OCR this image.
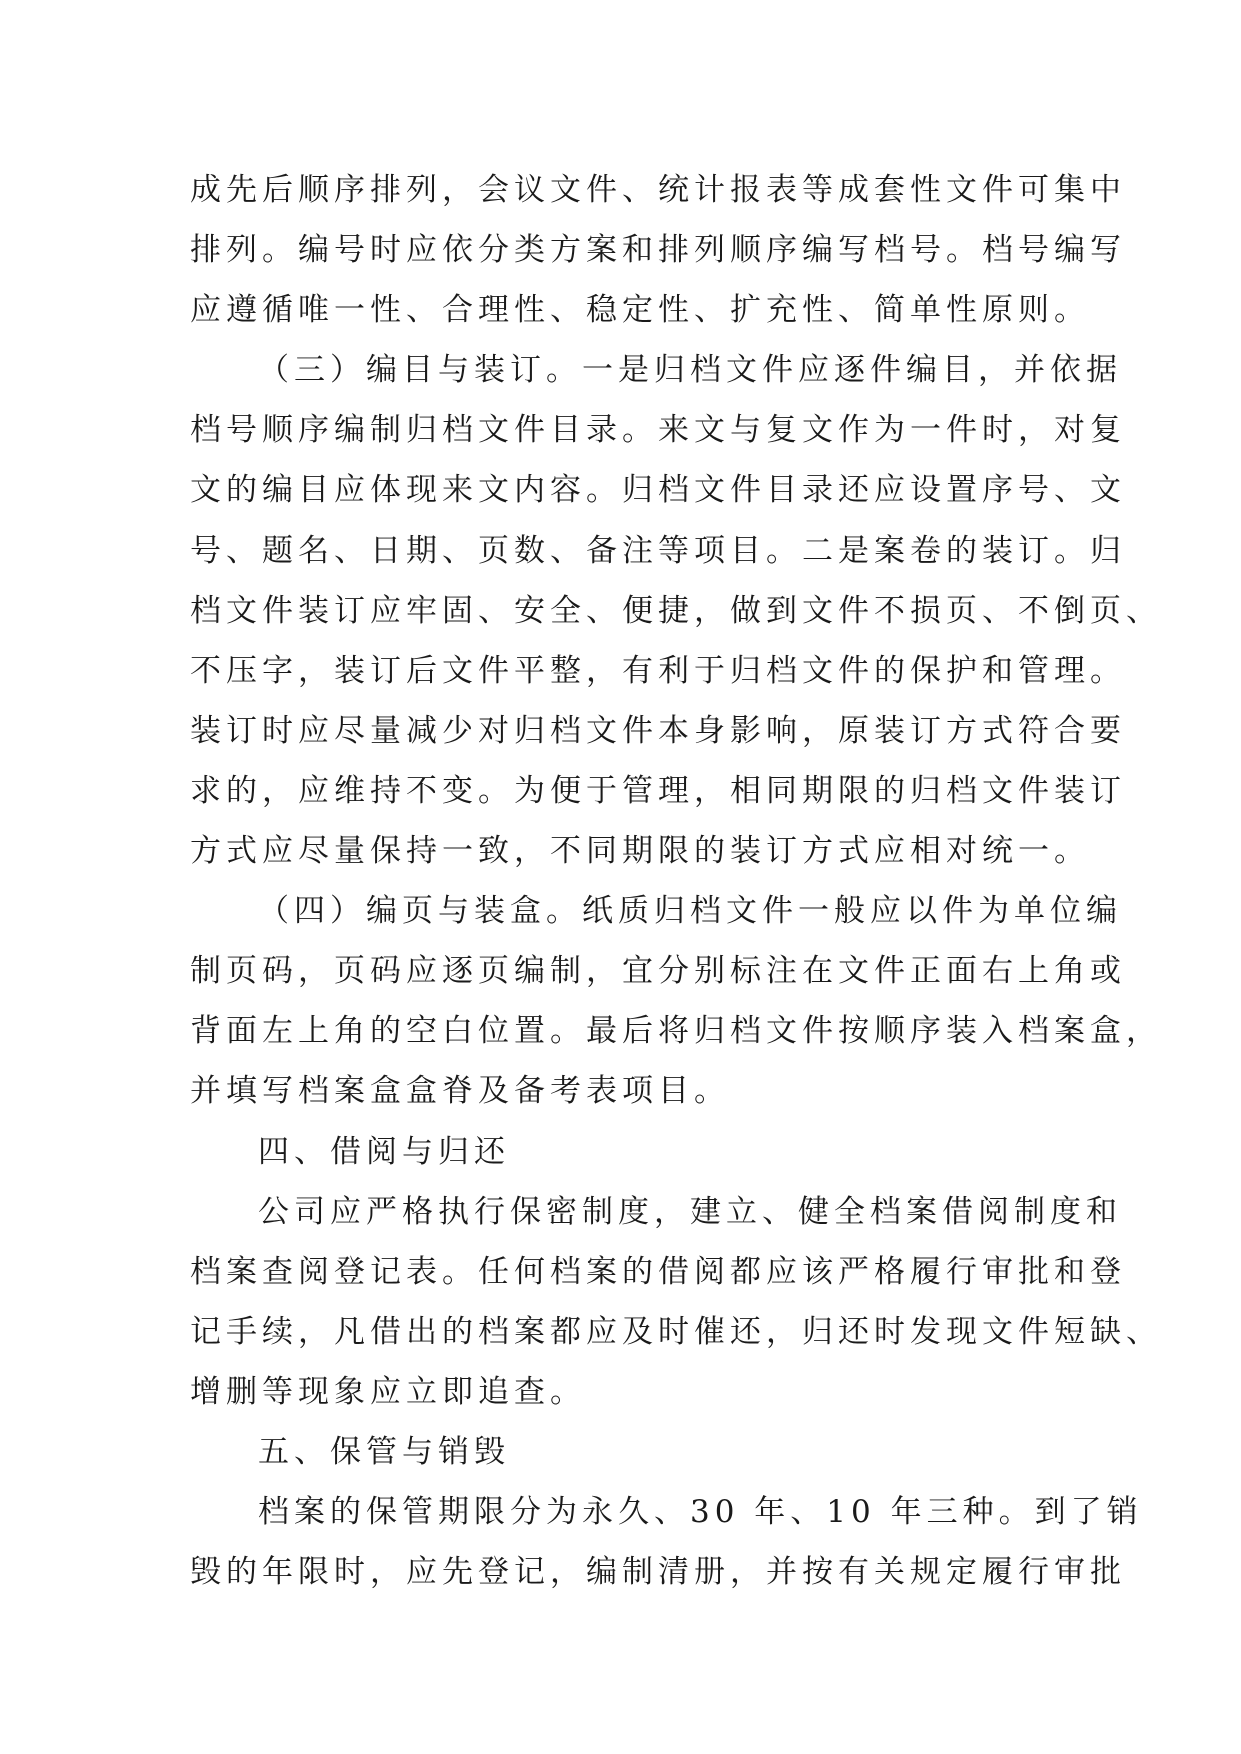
成先后顺序排列，会议文件、统计报表等成套性文件可集中
排列。编号时应依分类方案和排列顺序编写档号。档号编写
应遵循唯一性、合理性、稳定性、扩充性、简单性原则。
（三）编目与装订。一是归档文件应逐件编目，并依据
档号顺序编制归档文件目录。来文与复文作为一件时，对复
文的编目应体现来文内容。归档文件目录还应设置序号、文
号、题名、日期、页数、备注等项目。二是案卷的装订。归
档文件装订应牢固、安全、便捷，做到文件不损页、不倒页、
不压字，装订后文件平整，有利于归档文件的保护和管理。
装订时应尽量减少对归档文件本身影响，原装订方式符合要
求的，应维持不变。为便于管理，相同期限的归档文件装订
方式应尽量保持一致，不同期限的装订方式应相对统一。
（四）编页与装盒。纸质归档文件一般应以件为单位编
制页码，页码应逐页编制，宜分别标注在文件正面右上角或
背面左上角的空白位置。最后将归档文件按顺序装入档案盒，
并填写档案盒盒脊及备考表项目。
四、借阅与归还
公司应严格执行保密制度，建立、健全档案借阅制度和
档案查阅登记表。任何档案的借阅都应该严格履行审批和登
记手续，凡借出的档案都应及时催还，归还时发现文件短缺、
增删等现象应立即追查。
五、保管与销毁
档案的保管期限分为永久、30 年、10 年三种。到了销
毁的年限时，应先登记，编制清册，并按有关规定履行审批
